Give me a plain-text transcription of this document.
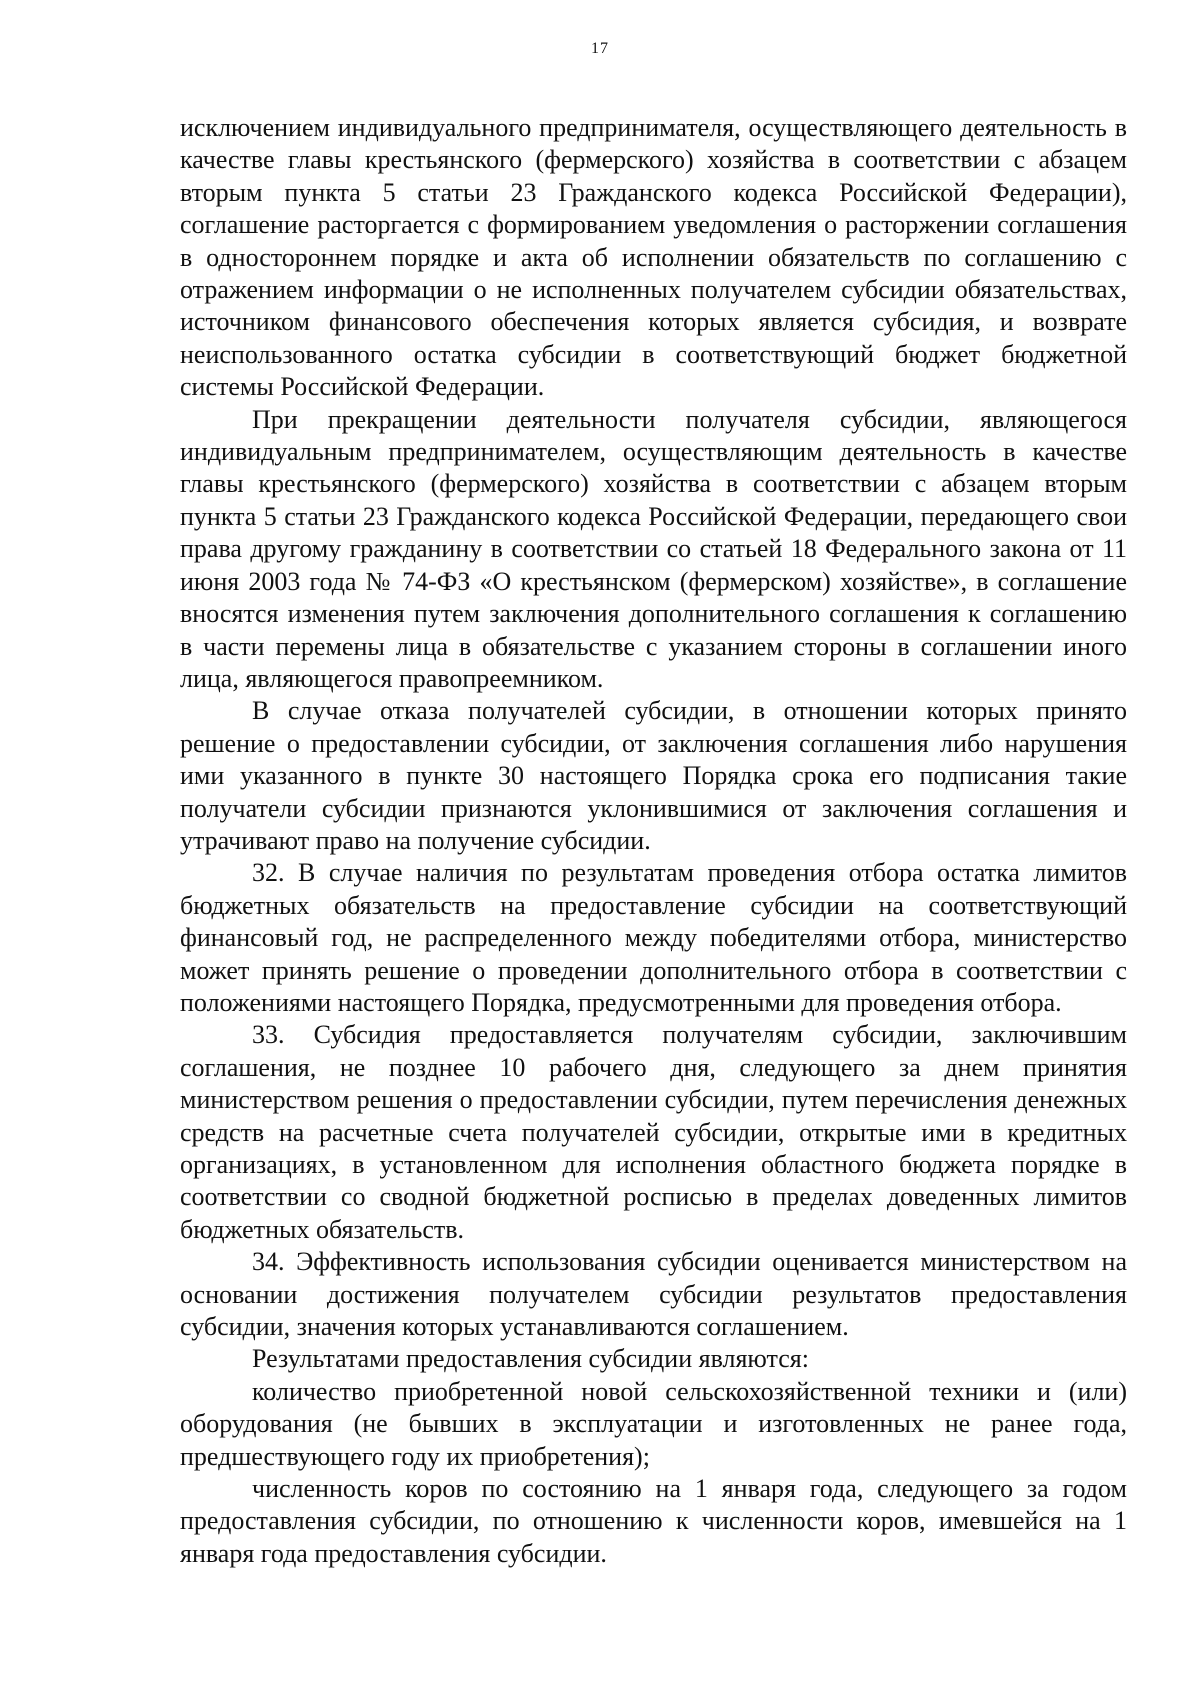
17

исключением индивидуального предпринимателя, осуществляющего деятельность в качестве главы крестьянского (фермерского) хозяйства в соответствии с абзацем вторым пункта 5 статьи 23 Гражданского кодекса Российской Федерации), соглашение расторгается с формированием уведомления о расторжении соглашения в одностороннем порядке и акта об исполнении обязательств по соглашению с отражением информации о не исполненных получателем субсидии обязательствах, источником финансового обеспечения которых является субсидия, и возврате неиспользованного остатка субсидии в соответствующий бюджет бюджетной системы Российской Федерации.

При прекращении деятельности получателя субсидии, являющегося индивидуальным предпринимателем, осуществляющим деятельность в качестве главы крестьянского (фермерского) хозяйства в соответствии с абзацем вторым пункта 5 статьи 23 Гражданского кодекса Российской Федерации, передающего свои права другому гражданину в соответствии со статьей 18 Федерального закона от 11 июня 2003 года № 74-ФЗ «О крестьянском (фермерском) хозяйстве», в соглашение вносятся изменения путем заключения дополнительного соглашения к соглашению в части перемены лица в обязательстве с указанием стороны в соглашении иного лица, являющегося правопреемником.

В случае отказа получателей субсидии, в отношении которых принято решение о предоставлении субсидии, от заключения соглашения либо нарушения ими указанного в пункте 30 настоящего Порядка срока его подписания такие получатели субсидии признаются уклонившимися от заключения соглашения и утрачивают право на получение субсидии.

32. В случае наличия по результатам проведения отбора остатка лимитов бюджетных обязательств на предоставление субсидии на соответствующий финансовый год, не распределенного между победителями отбора, министерство может принять решение о проведении дополнительного отбора в соответствии с положениями настоящего Порядка, предусмотренными для проведения отбора.

33. Субсидия предоставляется получателям субсидии, заключившим соглашения, не позднее 10 рабочего дня, следующего за днем принятия министерством решения о предоставлении субсидии, путем перечисления денежных средств на расчетные счета получателей субсидии, открытые ими в кредитных организациях, в установленном для исполнения областного бюджета порядке в соответствии со сводной бюджетной росписью в пределах доведенных лимитов бюджетных обязательств.

34. Эффективность использования субсидии оценивается министерством на основании достижения получателем субсидии результатов предоставления субсидии, значения которых устанавливаются соглашением.

Результатами предоставления субсидии являются:

количество приобретенной новой сельскохозяйственной техники и (или) оборудования (не бывших в эксплуатации и изготовленных не ранее года, предшествующего году их приобретения);

численность коров по состоянию на 1 января года, следующего за годом предоставления субсидии, по отношению к численности коров, имевшейся на 1 января года предоставления субсидии.
